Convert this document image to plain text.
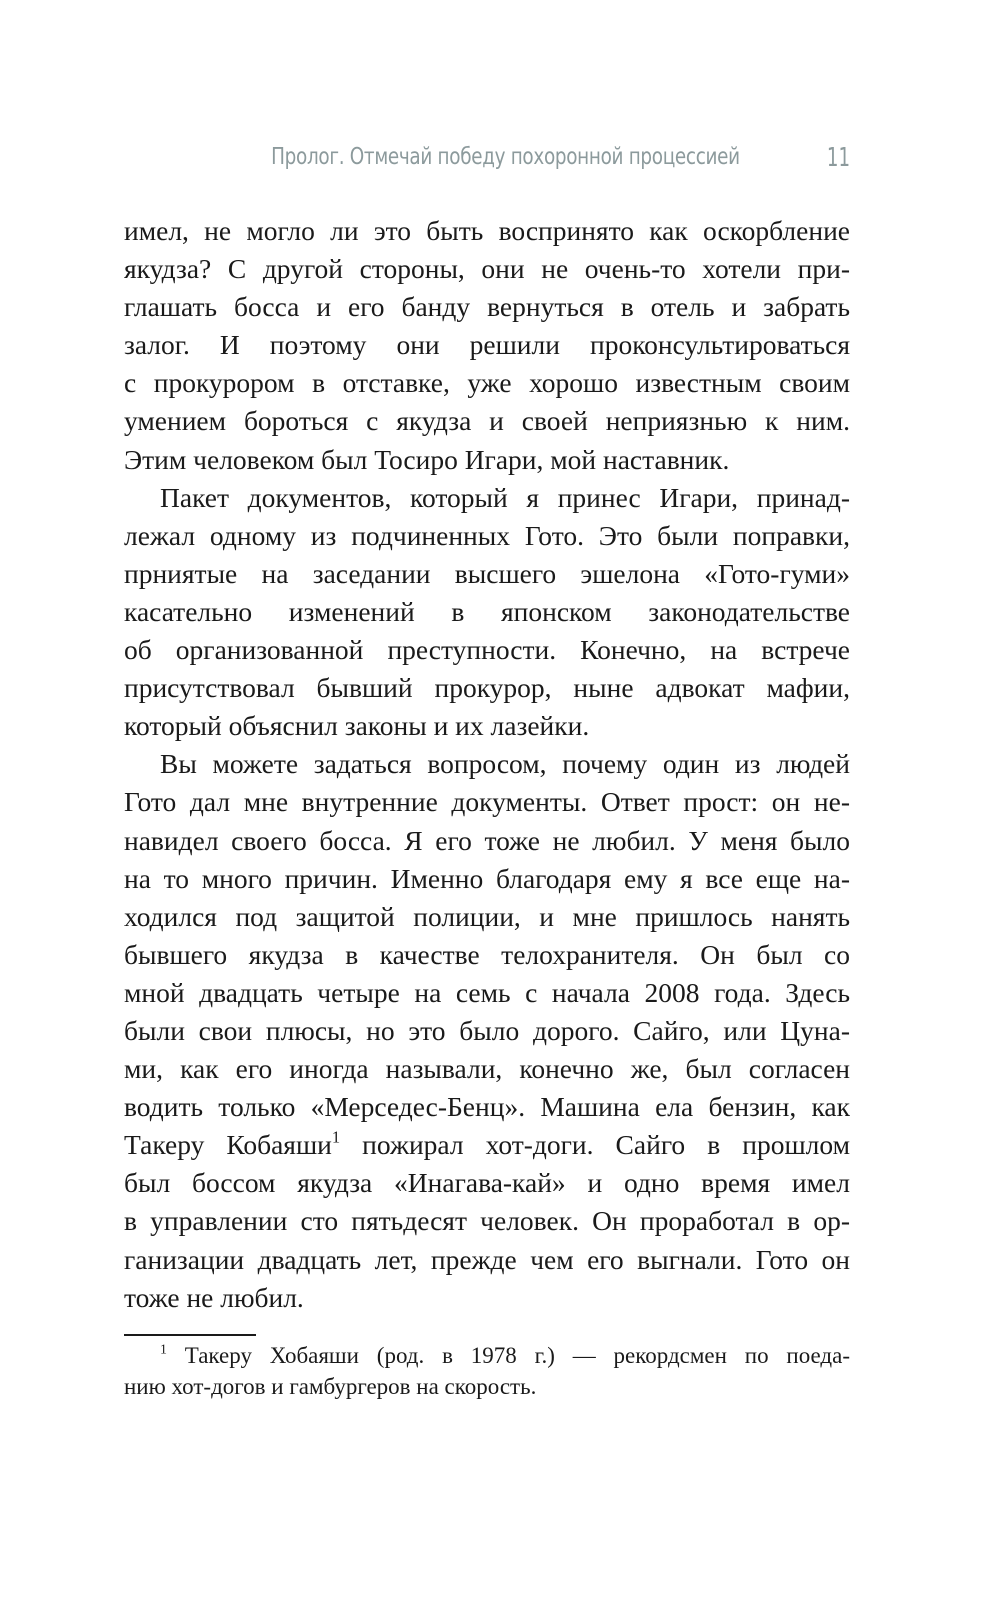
Пролог. Отмечай победу похоронной процессией	11
имел, не могло ли это быть воспринято как оскорбление
якудза? С другой стороны, они не очень-то хотели при-
глашать босса и его банду вернуться в отель и забрать
залог. И поэтому они решили проконсультироваться
с прокурором в отставке, уже хорошо известным своим
умением бороться с якудза и своей неприязнью к ним.
Этим человеком был Тосиро Игари, мой наставник.
Пакет документов, который я принес Игари, принад-
лежал одному из подчиненных Гото. Это были поправки,
прниятые на заседании высшего эшелона «Гото-гуми»
касательно изменений в японском законодательстве
об организованной преступности. Конечно, на встрече
присутствовал бывший прокурор, ныне адвокат мафии,
который объяснил законы и их лазейки.
Вы можете задаться вопросом, почему один из людей
Гото дал мне внутренние документы. Ответ прост: он не-
навидел своего босса. Я его тоже не любил. У меня было
на то много причин. Именно благодаря ему я все еще на-
ходился под защитой полиции, и мне пришлось нанять
бывшего якудза в качестве телохранителя. Он был со
мной двадцать четыре на семь с начала 2008 года. Здесь
были свои плюсы, но это было дорого. Сайго, или Цуна-
ми, как его иногда называли, конечно же, был согласен
водить только «Мерседес-Бенц». Машина ела бензин, как
Такеру Кобаяши$^1$ пожирал хот-доги. Сайго в прошлом
был боссом якудза «Инагава-кай» и одно время имел
в управлении сто пятьдесят человек. Он проработал в ор-
ганизации двадцать лет, прежде чем его выгнали. Гото он
тоже не любил.
$^1$ Такеру Хобаяши (род. в 1978 г.) — рекордсмен по поеда-
нию хот-догов и гамбургеров на скорость.
